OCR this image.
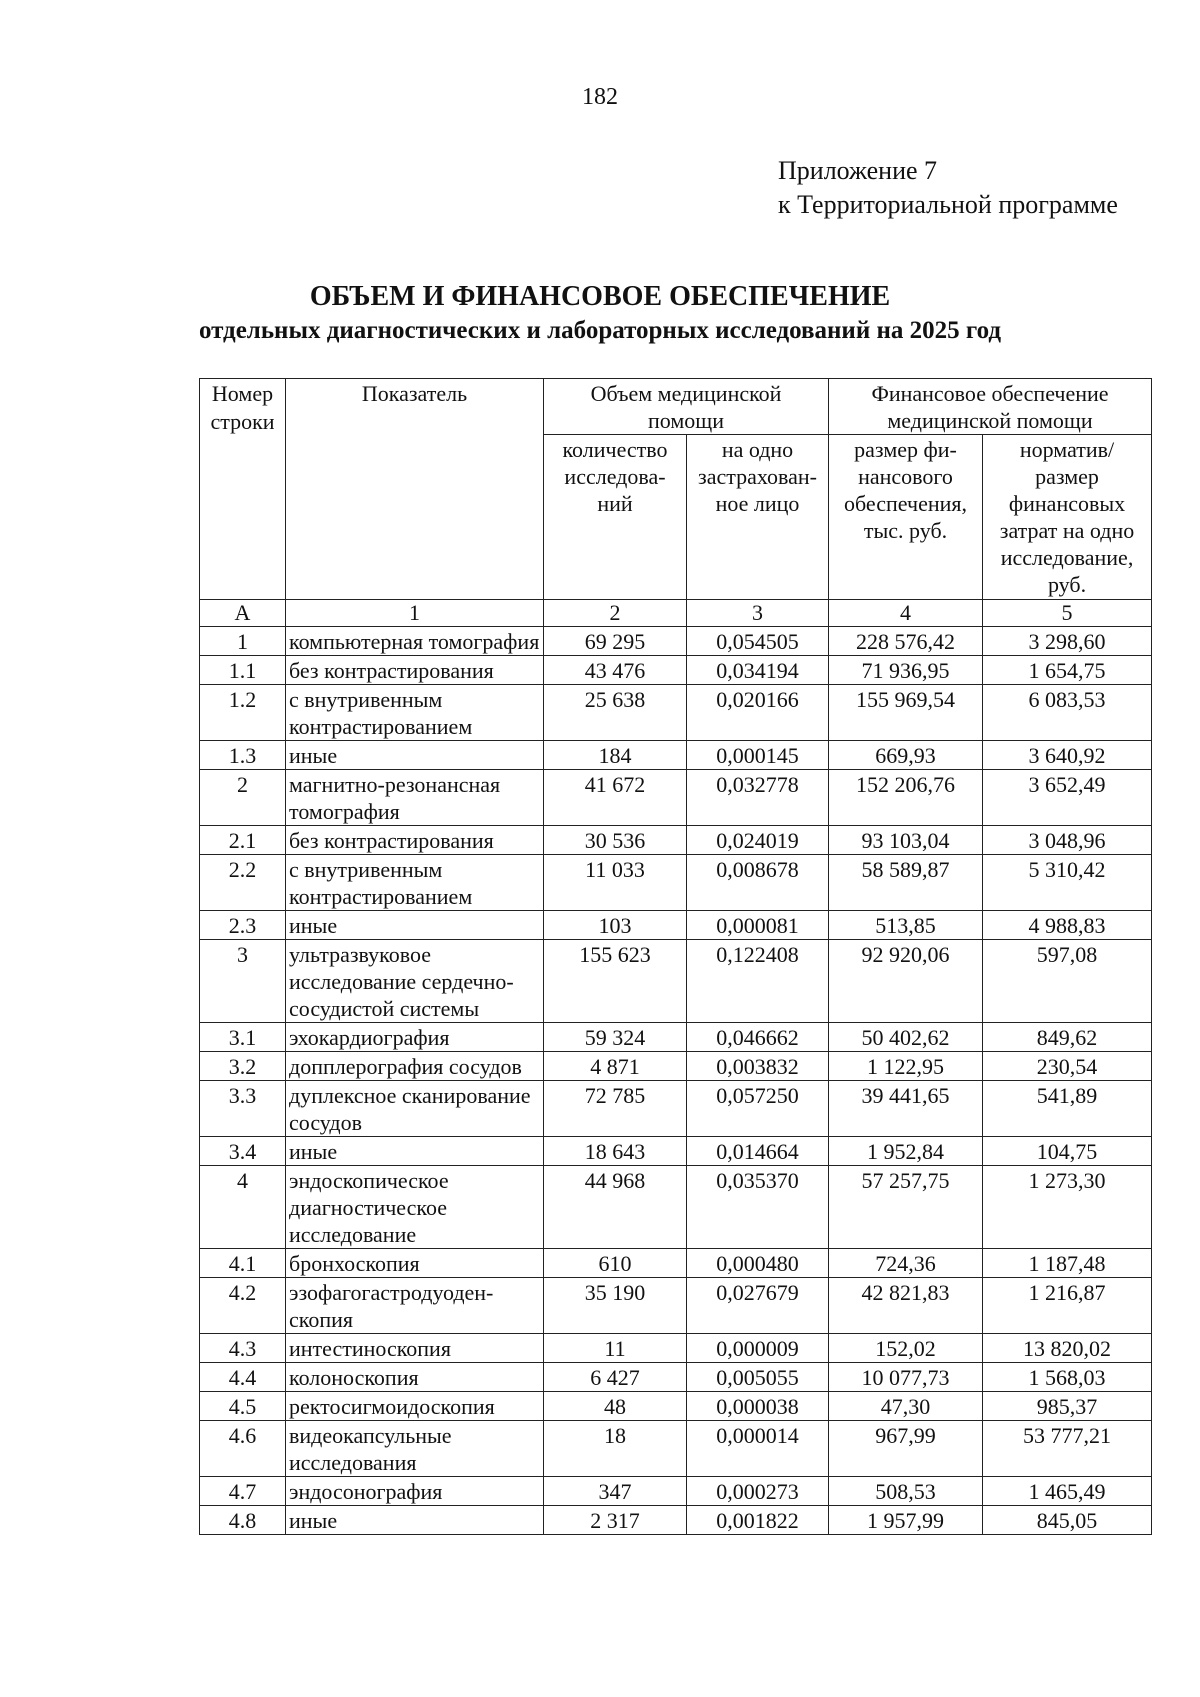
182
Приложение 7
к Территориальной программе
ОБЪЕМ И ФИНАНСОВОЕ ОБЕСПЕЧЕНИЕ
отдельных диагностических и лабораторных исследований на 2025 год
Номер строки	Показатель	Объем медицинской помощи		Финансовое обеспечение медицинской помощи	
		количество исследова-ний	на одно застрахован-ное лицо	размер фи-нансового обеспечения, тыс. руб.	норматив/ размер финансовых затрат на одно исследование, руб.
А	1	2	3	4	5
1	компьютерная томография	69 295	0,054505	228 576,42	3 298,60
1.1	без контрастирования	43 476	0,034194	71 936,95	1 654,75
1.2	с внутривенным контрастированием	25 638	0,020166	155 969,54	6 083,53
1.3	иные	184	0,000145	669,93	3 640,92
2	магнитно-резонансная томография	41 672	0,032778	152 206,76	3 652,49
2.1	без контрастирования	30 536	0,024019	93 103,04	3 048,96
2.2	с внутривенным контрастированием	11 033	0,008678	58 589,87	5 310,42
2.3	иные	103	0,000081	513,85	4 988,83
3	ультразвуковое исследование сердечно-сосудистой системы	155 623	0,122408	92 920,06	597,08
3.1	эхокардиография	59 324	0,046662	50 402,62	849,62
3.2	допплерография сосудов	4 871	0,003832	1 122,95	230,54
3.3	дуплексное сканирование сосудов	72 785	0,057250	39 441,65	541,89
3.4	иные	18 643	0,014664	1 952,84	104,75
4	эндоскопическое диагностическое исследование	44 968	0,035370	57 257,75	1 273,30
4.1	бронхоскопия	610	0,000480	724,36	1 187,48
4.2	эзофагогастродуоден-скопия	35 190	0,027679	42 821,83	1 216,87
4.3	интестиноскопия	11	0,000009	152,02	13 820,02
4.4	колоноскопия	6 427	0,005055	10 077,73	1 568,03
4.5	ректосигмоидоскопия	48	0,000038	47,30	985,37
4.6	видеокапсульные исследования	18	0,000014	967,99	53 777,21
4.7	эндосонография	347	0,000273	508,53	1 465,49
4.8	иные	2 317	0,001822	1 957,99	845,05
